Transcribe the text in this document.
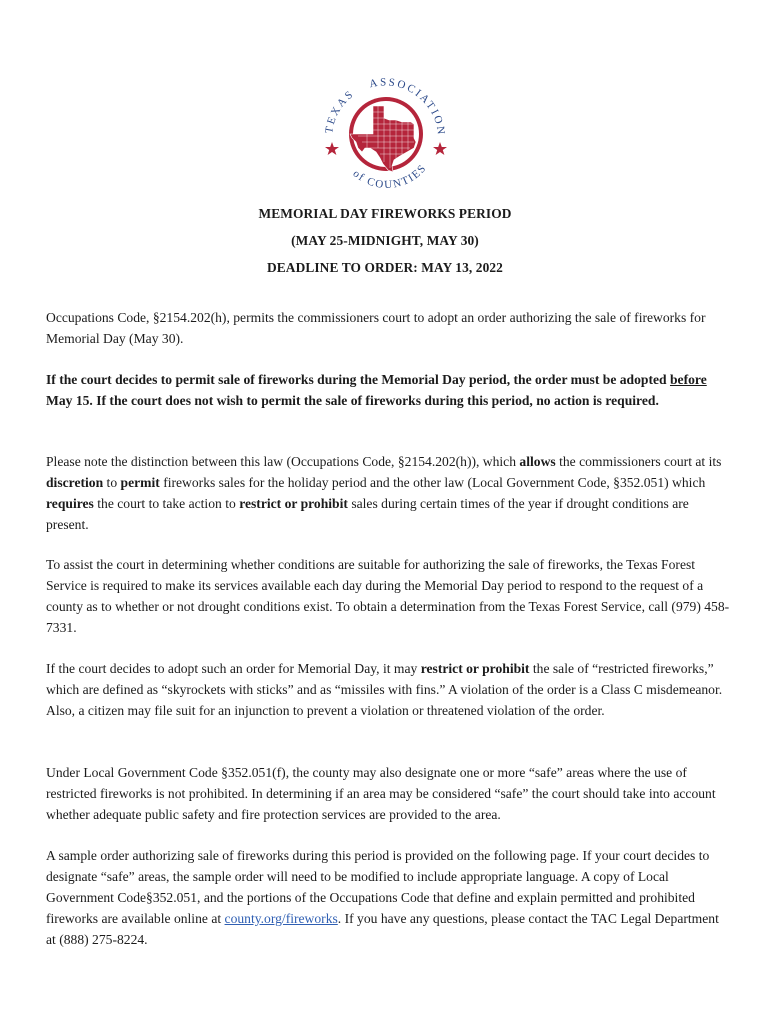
TEXAS
ASSOCIATION
of COUNTIES
MEMORIAL DAY FIREWORKS PERIOD
(MAY 25-MIDNIGHT, MAY 30)
DEADLINE TO ORDER: MAY 13, 2022

Occupations Code, §2154.202(h), permits the commissioners court to adopt an order authorizing the sale of fireworks for Memorial Day (May 30).

If the court decides to permit sale of fireworks during the Memorial Day period, the order must be adopted before May 15. If the court does not wish to permit the sale of fireworks during this period, no action is required.

Please note the distinction between this law (Occupations Code, §2154.202(h)), which allows the commissioners court at its discretion to permit fireworks sales for the holiday period and the other law (Local Government Code, §352.051) which requires the court to take action to restrict or prohibit sales during certain times of the year if drought conditions are present.

To assist the court in determining whether conditions are suitable for authorizing the sale of fireworks, the Texas Forest Service is required to make its services available each day during the Memorial Day period to respond to the request of a county as to whether or not drought conditions exist. To obtain a determination from the Texas Forest Service, call (979) 458-7331.

If the court decides to adopt such an order for Memorial Day, it may restrict or prohibit the sale of “restricted fireworks,” which are defined as “skyrockets with sticks” and as “missiles with fins.” A violation of the order is a Class C misdemeanor. Also, a citizen may file suit for an injunction to prevent a violation or threatened violation of the order.

Under Local Government Code §352.051(f), the county may also designate one or more “safe” areas where the use of restricted fireworks is not prohibited. In determining if an area may be considered “safe” the court should take into account whether adequate public safety and fire protection services are provided to the area.

A sample order authorizing sale of fireworks during this period is provided on the following page. If your court decides to designate “safe” areas, the sample order will need to be modified to include appropriate language. A copy of Local Government Code§352.051, and the portions of the Occupations Code that define and explain permitted and prohibited fireworks are available online at county.org/fireworks. If you have any questions, please contact the TAC Legal Department at (888) 275-8224.
